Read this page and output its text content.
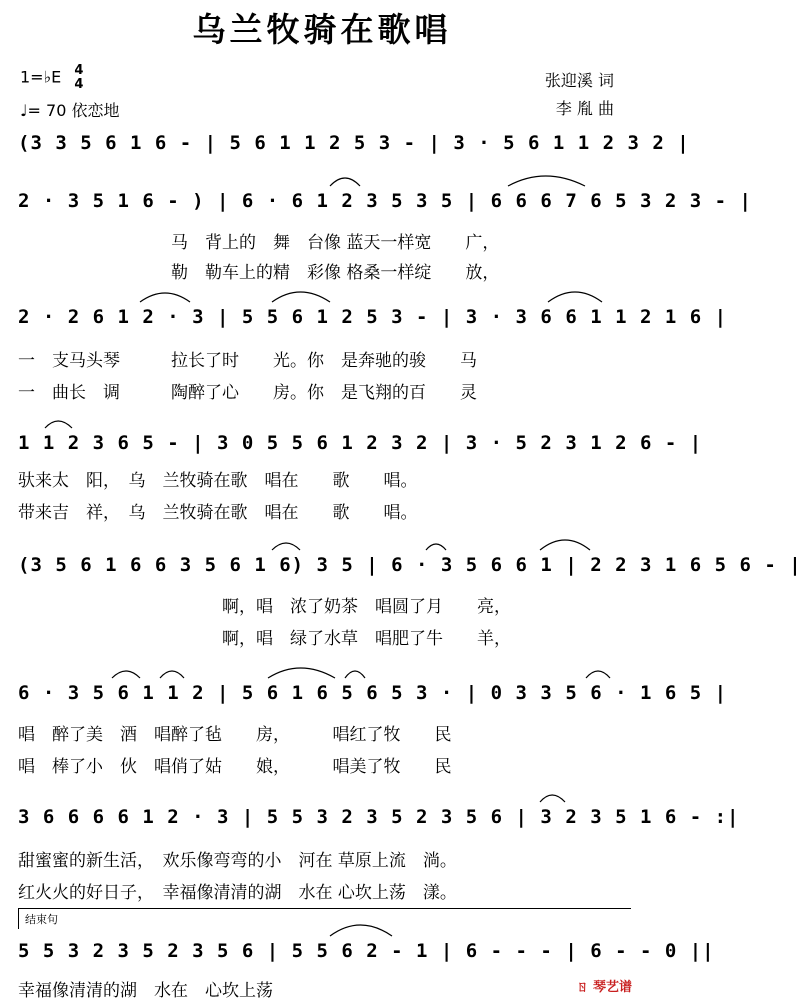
乌兰牧骑在歌唱
1=♭E 4
4
♩= 70 依恋地
张迎溪 词
李 胤 曲
(3 3 5 6 1 6 - | 5 6 1 1 2 5 3 - | 3 · 5 6 1 1 2 3 2 |
2 · 3 5 1 6 - ) | 6 · 6 1 2 3 5 3 5 | 6 6 6 7 6 5 3 2 3 - |
2 · 2 6 1 2 · 3 | 5 5 6 1 2 5 3 - | 3 · 3 6 6 1 1 2 1 6 |
1 1 2 3 6 5 - | 3 0 5 5 6 1 2 3 2 | 3 · 5 2 3 1 2 6 - |
(3 5 6 1 6 6 3 5 6 1 6) 3 5 | 6 · 3 5 6 6 1 | 2 2 3 1 6 5 6 - |
6 · 3 5 6 1 1 2 | 5 6 1 6 5 6 5 3 · | 0 3 3 5 6 · 1 6 5 |
3 6 6 6 6 1 2 · 3 | 5 5 3 2 3 5 2 3 5 6 | 3 2 3 5 1 6 - :|
5 5 3 2 3 5 2 3 5 6 | 5 5 6 2 - 1 | 6 - - - | 6 - - 0 ||
　　　　　　　　　马　背上的　舞　台像 蓝天一样宽　　广，
　　　　　　　　　勒　勒车上的精　彩像 格桑一样绽　　放，
一　支马头琴　　　拉长了时　　光。你　是奔驰的骏　　马
一　曲长　调　　　陶醉了心　　房。你　是飞翔的百　　灵
驮来太　阳，　乌　兰牧骑在歌　唱在　　歌　　唱。
带来吉　祥，　乌　兰牧骑在歌　唱在　　歌　　唱。
　　　　　　　　　　　　啊，唱　浓了奶茶　唱圆了月　　亮，
　　　　　　　　　　　　啊，唱　绿了水草　唱肥了牛　　羊，
唱　醉了美　酒　唱醉了毡　　房，　　　唱红了牧　　民
唱　棒了小　伙　唱俏了姑　　娘，　　　唱美了牧　　民
甜蜜蜜的新生活，　欢乐像弯弯的小　河在 草原上流　淌。
红火火的好日子，　幸福像清清的湖　水在 心坎上荡　漾。
幸福像清清的湖　水在　心坎上荡
结束句
ㄖ 琴艺谱
